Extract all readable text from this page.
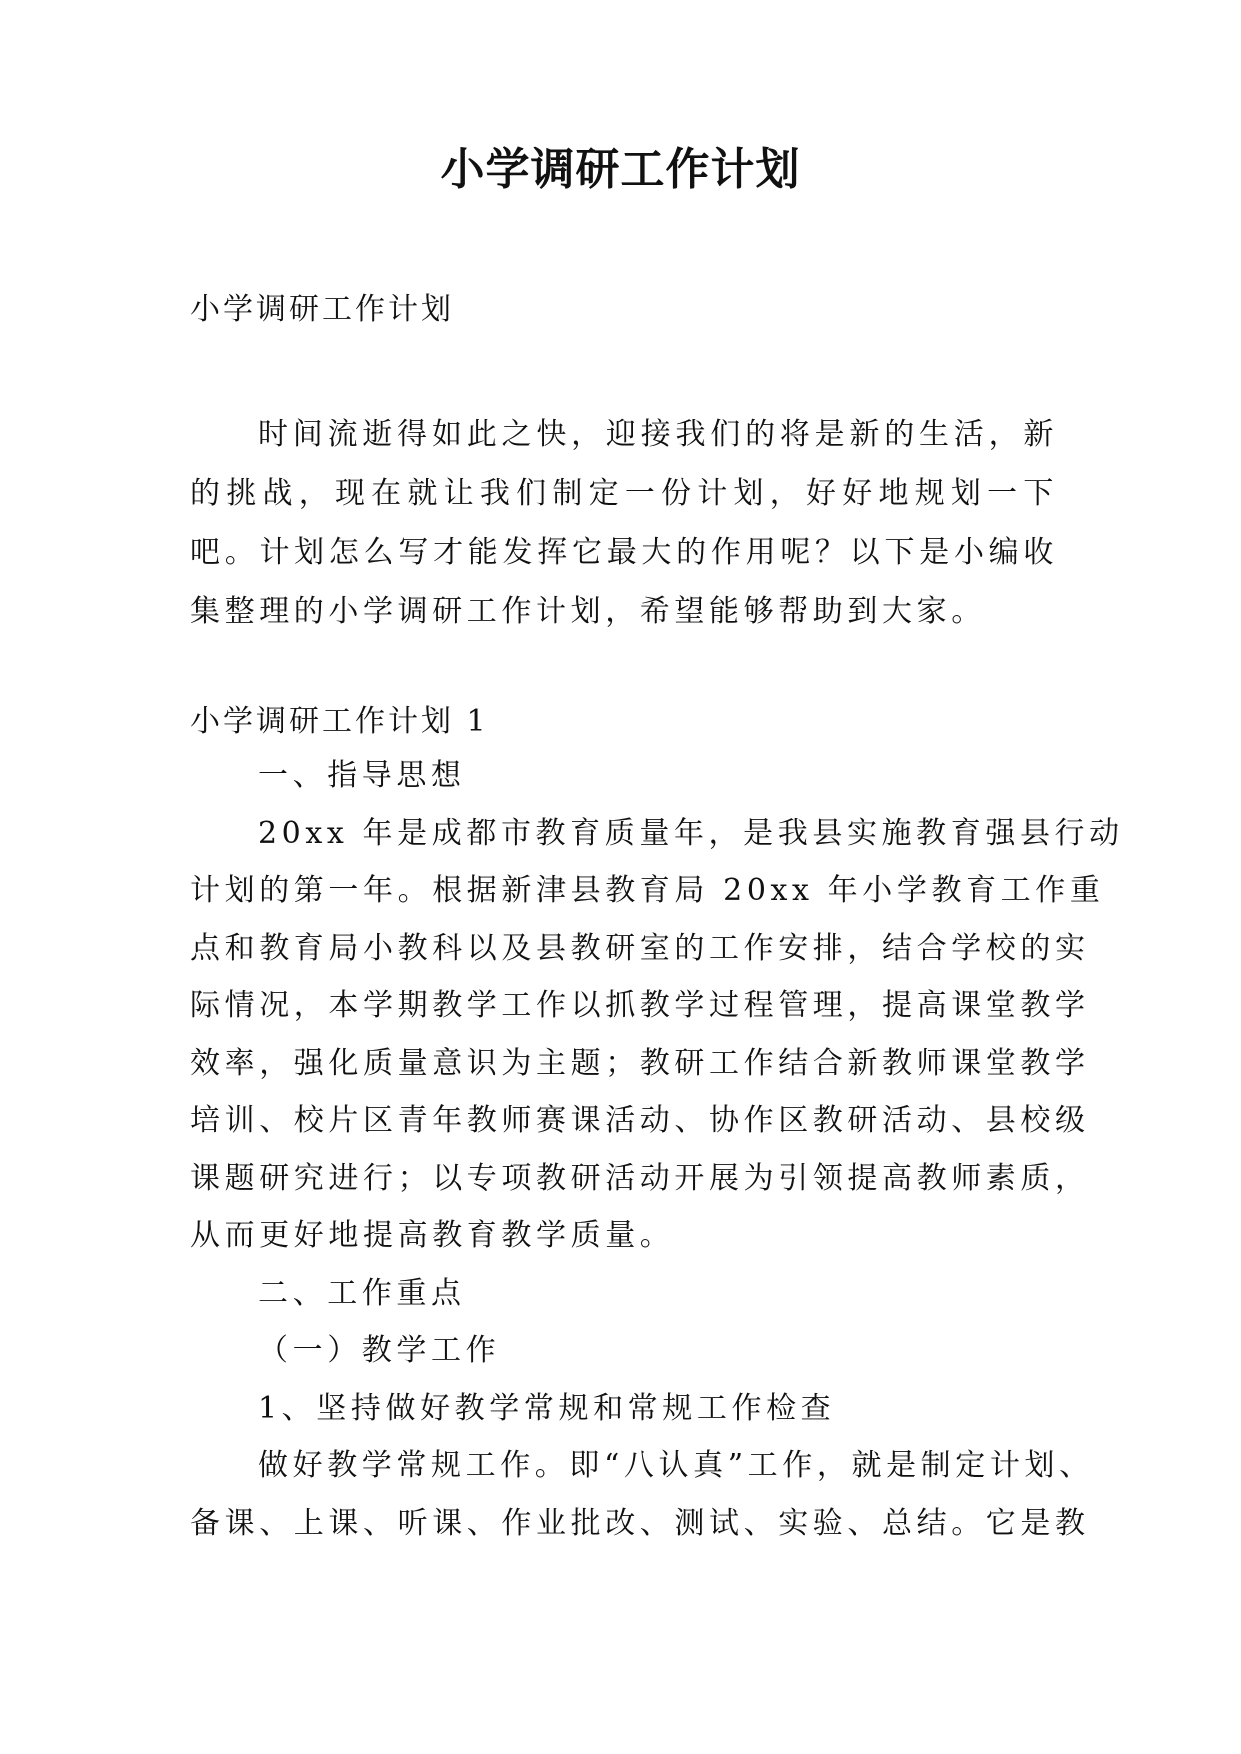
小学调研工作计划
小学调研工作计划

时间流逝得如此之快，迎接我们的将是新的生活，新的挑战，现在就让我们制定一份计划，好好地规划一下吧。计划怎么写才能发挥它最大的作用呢？以下是小编收集整理的小学调研工作计划，希望能够帮助到大家。

小学调研工作计划 1
一、指导思想
20xx 年是成都市教育质量年，是我县实施教育强县行动
计划的第一年。根据新津县教育局 20xx 年小学教育工作重
点和教育局小教科以及县教研室的工作安排，结合学校的实
际情况，本学期教学工作以抓教学过程管理，提高课堂教学
效率，强化质量意识为主题；教研工作结合新教师课堂教学
培训、校片区青年教师赛课活动、协作区教研活动、县校级
课题研究进行；以专项教研活动开展为引领提高教师素质，
从而更好地提高教育教学质量。
二、工作重点
（一）教学工作
1、坚持做好教学常规和常规工作检查
做好教学常规工作。即“八认真”工作，就是制定计划、
备课、上课、听课、作业批改、测试、实验、总结。它是教
